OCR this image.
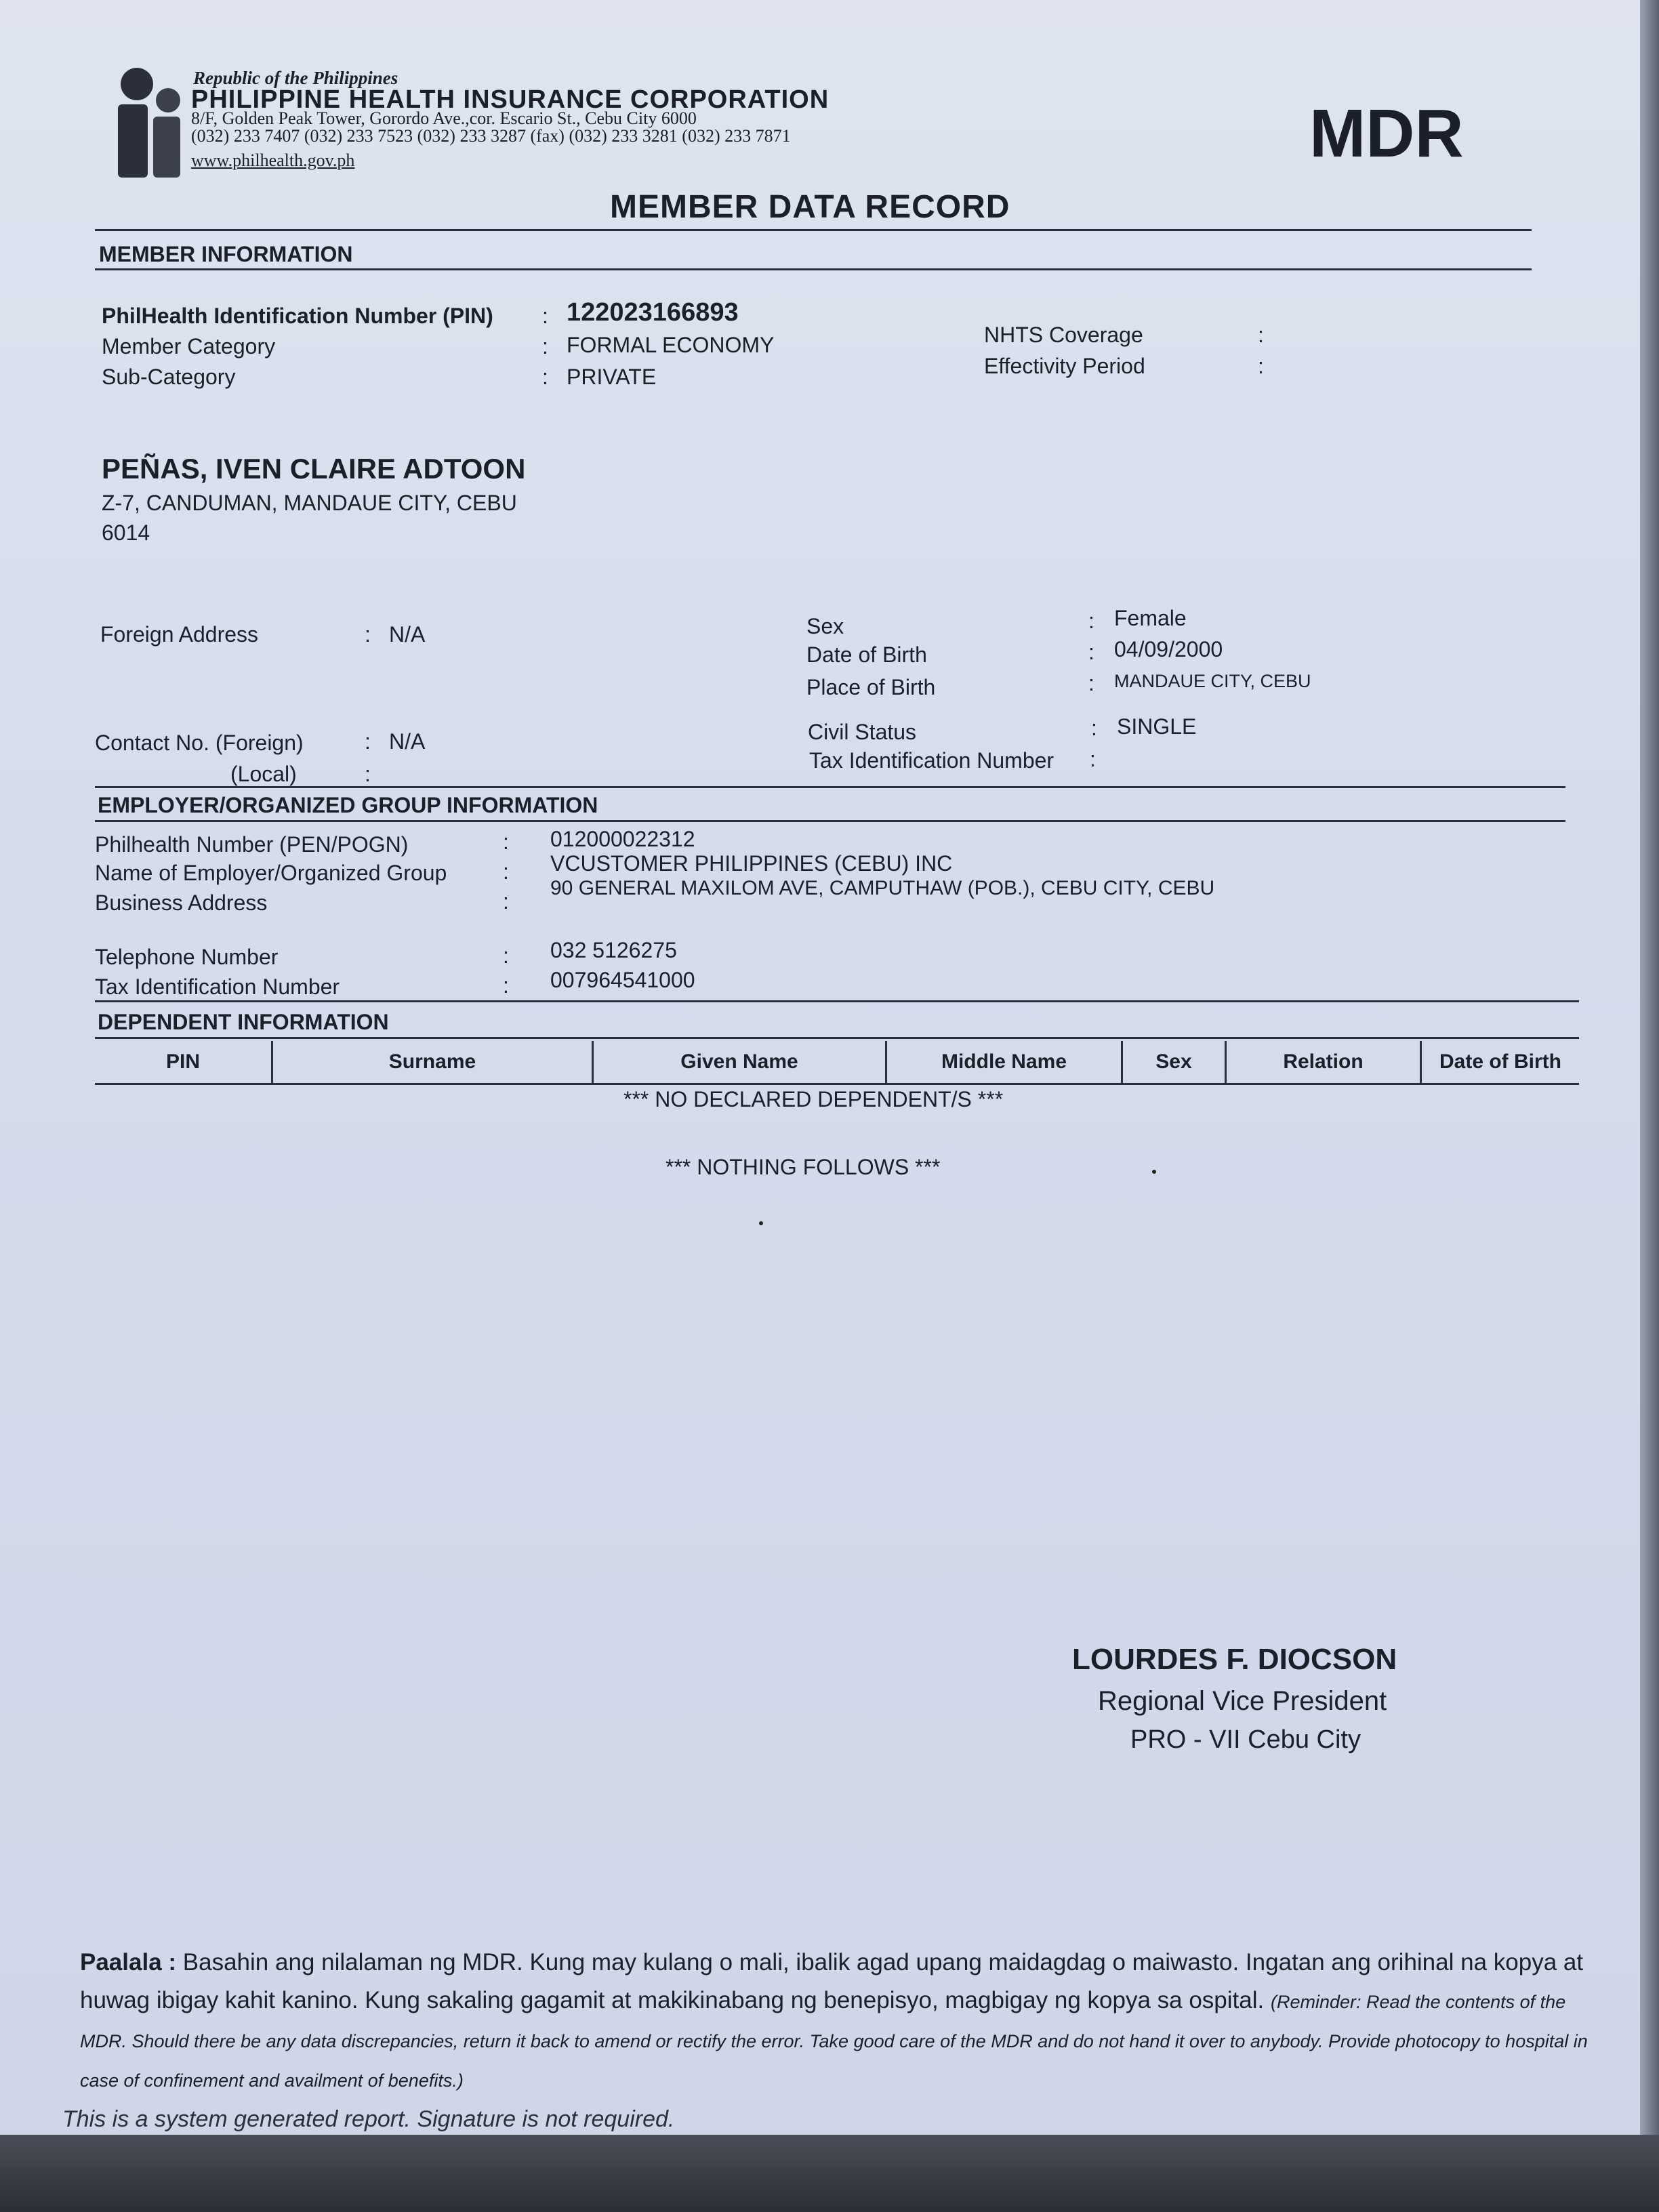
Republic of the Philippines
PHILIPPINE HEALTH INSURANCE CORPORATION
8/F, Golden Peak Tower, Gorordo Ave.,cor. Escario St., Cebu City 6000
(032) 233 7407 (032) 233 7523 (032) 233 3287 (fax) (032) 233 3281 (032) 233 7871
www.philhealth.gov.ph	MDR
MEMBER DATA RECORD
MEMBER INFORMATION
PhilHealth Identification Number (PIN) : 122023166893
Member Category	: FORMAL ECONOMY
Sub-Category	: PRIVATE
NHTS Coverage	:
Effectivity Period	:
PEÑAS, IVEN CLAIRE ADTOON
Z-7, CANDUMAN, MANDAUE CITY, CEBU
6014
Foreign Address	: N/A	Sex	: Female
Date of Birth	: 04/09/2000
Place of Birth	: MANDAUE CITY, CEBU
Contact No. (Foreign)	: N/A
(Local)	:
Civil Status	: SINGLE
Tax Identification Number :
EMPLOYER/ORGANIZED GROUP INFORMATION
Philhealth Number (PEN/POGN)	: 012000022312
Name of Employer/Organized Group	: VCUSTOMER PHILIPPINES (CEBU) INC
Business Address	:
90 GENERAL MAXILOM AVE, CAMPUTHAW (POB.), CEBU CITY, CEBU
Telephone Number	: 032 5126275
Tax Identification Number	: 007964541000
DEPENDENT INFORMATION
PIN	Surname	Given Name	Middle Name	Sex	Relation	Date of Birth
*** NO DECLARED DEPENDENT/S ***
*** NOTHING FOLLOWS ***
LOURDES F. DIOCSON
Regional Vice President
PRO - VII Cebu City
Paalala : Basahin ang nilalaman ng MDR. Kung may kulang o mali, ibalik agad upang maidagdag o maiwasto. Ingatan ang orihinal na kopya at huwag ibigay kahit kanino. Kung sakaling gagamit at makikinabang ng benepisyo, magbigay ng kopya sa ospital. (Reminder: Read the contents of the MDR. Should there be any data discrepancies, return it back to amend or rectify the error. Take good care of the MDR and do not hand it over to anybody. Provide photocopy to hospital in case of confinement and availment of benefits.)
This is a system generated report. Signature is not required.
